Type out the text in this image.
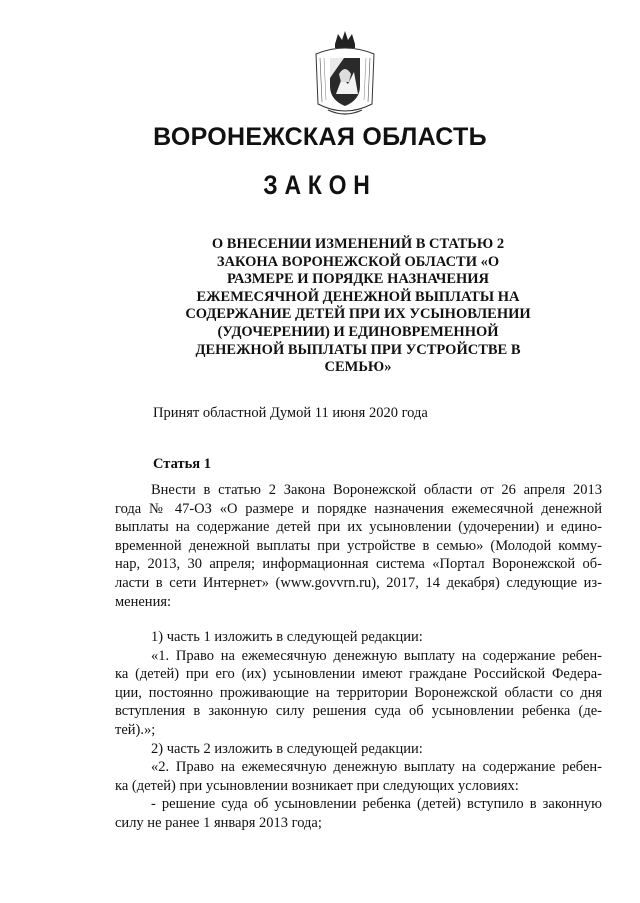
ВОРОНЕЖСКАЯ ОБЛАСТЬ
ЗАКОН
О ВНЕСЕНИИ ИЗМЕНЕНИЙ В СТАТЬЮ 2
ЗАКОНА ВОРОНЕЖСКОЙ ОБЛАСТИ «О
РАЗМЕРЕ И ПОРЯДКЕ НАЗНАЧЕНИЯ
ЕЖЕМЕСЯЧНОЙ ДЕНЕЖНОЙ ВЫПЛАТЫ НА
СОДЕРЖАНИЕ ДЕТЕЙ ПРИ ИХ УСЫНОВЛЕНИИ
(УДОЧЕРЕНИИ) И ЕДИНОВРЕМЕННОЙ
ДЕНЕЖНОЙ ВЫПЛАТЫ ПРИ УСТРОЙСТВЕ В
СЕМЬЮ»
Принят областной Думой 11 июня 2020 года
Статья 1
Внести в статью 2 Закона Воронежской области от 26 апреля 2013
года № 47-ОЗ «О размере и порядке назначения ежемесячной денежной
выплаты на содержание детей при их усыновлении (удочерении) и едино-
временной денежной выплаты при устройстве в семью» (Молодой комму-
нар, 2013, 30 апреля; информационная система «Портал Воронежской об-
ласти в сети Интернет» (www.govvrn.ru), 2017, 14 декабря) следующие из-
менения:
1) часть 1 изложить в следующей редакции:
«1. Право на ежемесячную денежную выплату на содержание ребен-
ка (детей) при его (их) усыновлении имеют граждане Российской Федера-
ции, постоянно проживающие на территории Воронежской области со дня
вступления в законную силу решения суда об усыновлении ребенка (де-
тей).»;
2) часть 2 изложить в следующей редакции:
«2. Право на ежемесячную денежную выплату на содержание ребен-
ка (детей) при усыновлении возникает при следующих условиях:
- решение суда об усыновлении ребенка (детей) вступило в законную
силу не ранее 1 января 2013 года;
